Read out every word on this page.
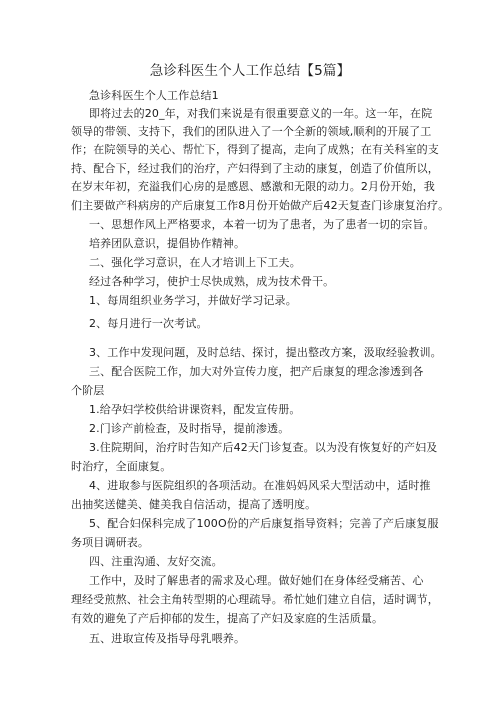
急诊科医生个人工作总结【5篇】
急诊科医生个人工作总结1
即将过去的20_年，对我们来说是有很重要意义的一年。这一年，在院
领导的带领、支持下，我们的团队进入了一个全新的领域,顺利的开展了工
作；在院领导的关心、帮忙下，得到了提高，走向了成熟；在有关科室的支
持、配合下，经过我们的治疗，产妇得到了主动的康复，创造了价值所以，
在岁末年初，充溢我们心房的是感恩、感激和无限的动力。2月份开始，我
们主要做产科病房的产后康复工作8月份开始做产后42天复查门诊康复治疗。
一、思想作风上严格要求，本着一切为了患者，为了患者一切的宗旨。
培养团队意识，提倡协作精神。
二、强化学习意识，在人才培训上下工夫。
经过各种学习，使护士尽快成熟，成为技术骨干。
1、每周组织业务学习，并做好学习记录。
2、每月进行一次考试。
3、工作中发现问题，及时总结、探讨，提出整改方案，汲取经验教训。
三、配合医院工作，加大对外宣传力度，把产后康复的理念渗透到各
个阶层
1.给孕妇学校供给讲课资料，配发宣传册。
2.门诊产前检查，及时指导，提前渗透。
3.住院期间，治疗时告知产后42天门诊复查。以为没有恢复好的产妇及
时治疗，全面康复。
4、进取参与医院组织的各项活动。在准妈妈风采大型活动中，适时推
出抽奖送健美、健美我自信活动，提高了透明度。
5、配合妇保科完成了100O份的产后康复指导资料；完善了产后康复服
务项目调研表。
四、注重沟通、友好交流。
工作中，及时了解患者的需求及心理。做好她们在身体经受痛苦、心
理经受煎熬、社会主角转型期的心理疏导。希忙她们建立自信，适时调节，
有效的避免了产后抑郁的发生，提高了产妇及家庭的生活质量。
五、进取宣传及指导母乳喂养。
